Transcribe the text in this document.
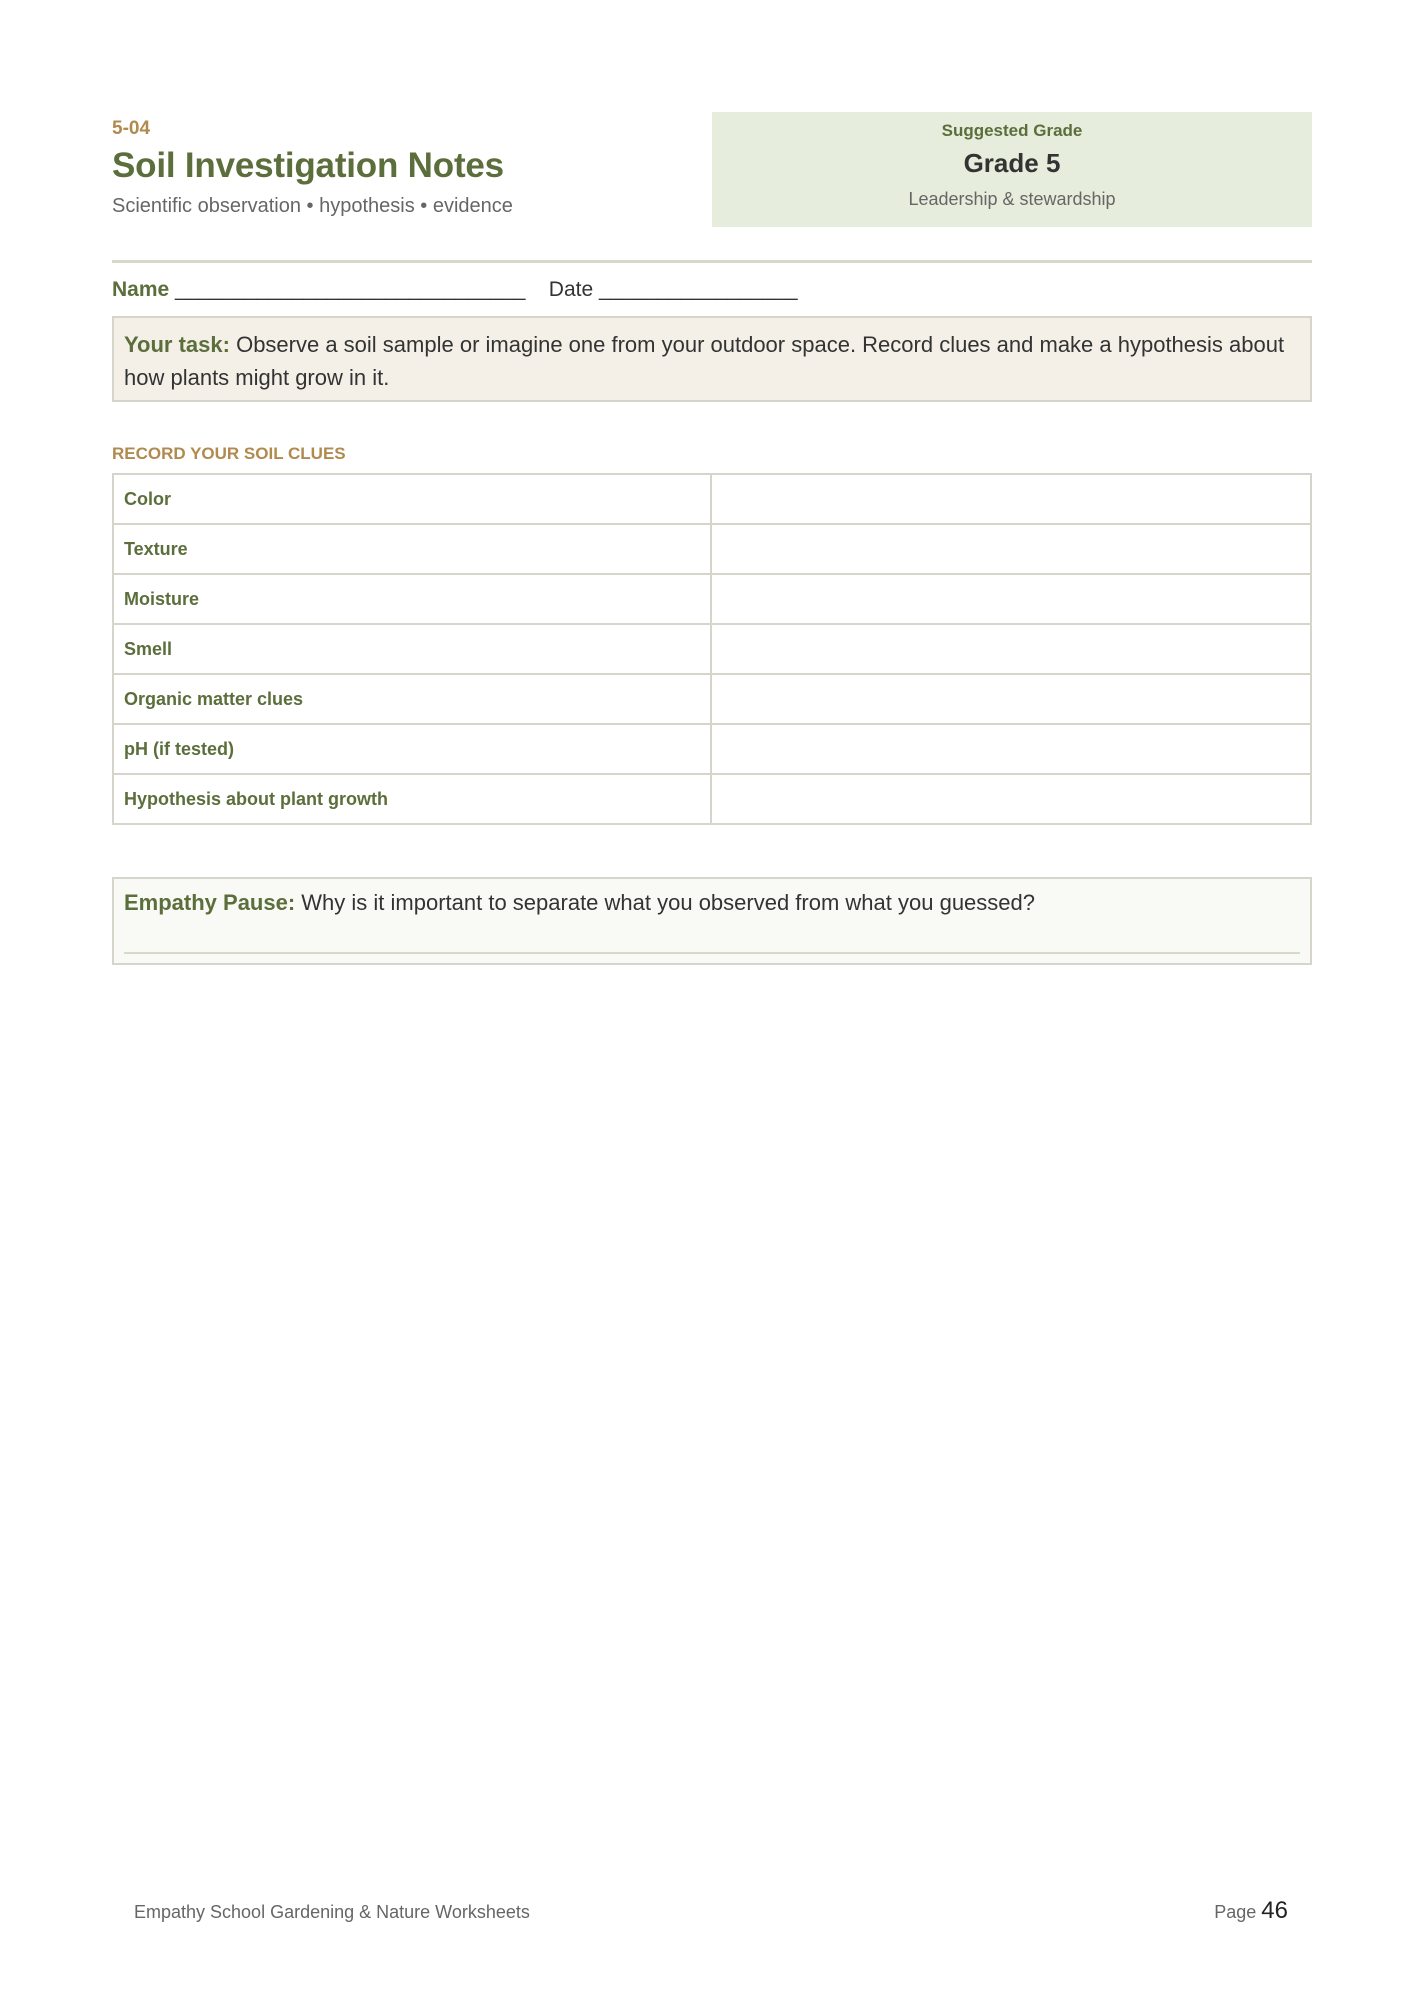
5-04
Soil Investigation Notes
Scientific observation • hypothesis • evidence
Suggested Grade
Grade 5
Leadership & stewardship
Name ______________________________ Date _________________
Your task: Observe a soil sample or imagine one from your outdoor space. Record clues and make a hypothesis about how plants might grow in it.
RECORD YOUR SOIL CLUES
Color	
Texture	
Moisture	
Smell	
Organic matter clues	
pH (if tested)	
Hypothesis about plant growth	
Empathy Pause: Why is it important to separate what you observed from what you guessed?
Empathy School Gardening & Nature Worksheets	Page 46
